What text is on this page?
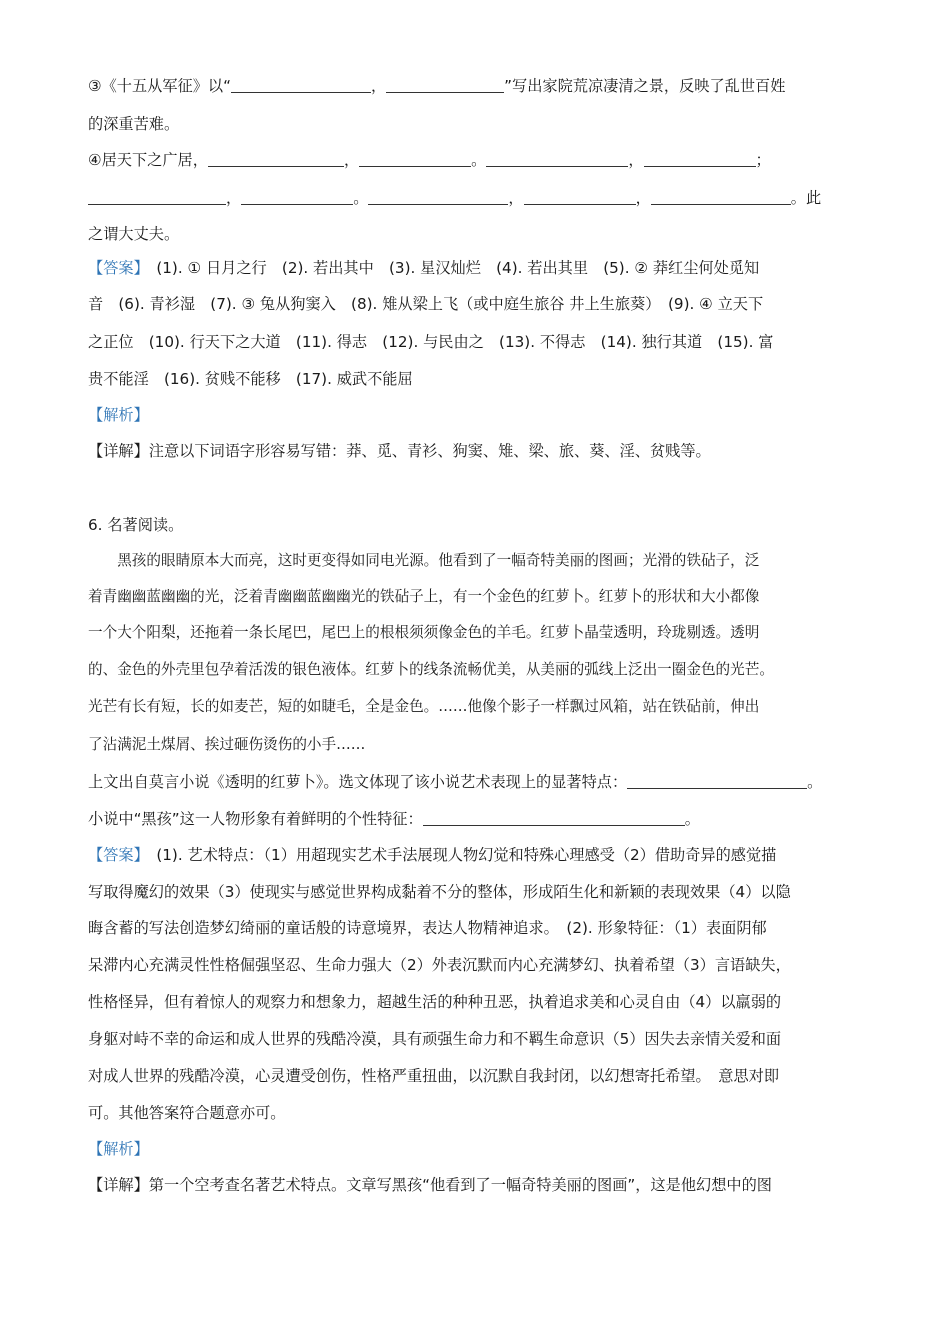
③《十五从军征》以“	，	”写出家院荒凉凄清之景，反映了乱世百姓
的深重苦难。
④居天下之广居，	，	。	，	；
，	。	，	，	。此
之谓大丈夫。
【答案】　(1). ① 日月之行　(2). 若出其中　(3). 星汉灿烂　(4). 若出其里　(5). ② 莽红尘何处觅知
音　(6). 青衫湿　(7). ③ 兔从狗窦入　(8). 雉从梁上飞（或中庭生旅谷 井上生旅葵）　(9). ④ 立天下
之正位　(10). 行天下之大道　(11). 得志　(12). 与民由之　(13). 不得志　(14). 独行其道　(15). 富
贵不能淫　(16). 贫贱不能移　(17). 威武不能屈
【解析】
【详解】注意以下词语字形容易写错：莽、觅、青衫、狗窦、雉、梁、旅、葵、淫、贫贱等。
6. 名著阅读。
　　黑孩的眼睛原本大而亮，这时更变得如同电光源。他看到了一幅奇特美丽的图画；光滑的铁砧子，泛
着青幽幽蓝幽幽的光，泛着青幽幽蓝幽幽光的铁砧子上，有一个金色的红萝卜。红萝卜的形状和大小都像
一个大个阳梨，还拖着一条长尾巴，尾巴上的根根须须像金色的羊毛。红萝卜晶莹透明，玲珑剔透。透明
的、金色的外壳里包孕着活泼的银色液体。红萝卜的线条流畅优美，从美丽的弧线上泛出一圈金色的光芒。
光芒有长有短，长的如麦芒，短的如睫毛，全是金色。……他像个影子一样飘过风箱，站在铁砧前，伸出
了沾满泥土煤屑、挨过砸伤烫伤的小手……
上文出自莫言小说《透明的红萝卜》。选文体现了该小说艺术表现上的显著特点：	。
小说中“黑孩”这一人物形象有着鲜明的个性特征：	。
【答案】　(1). 艺术特点：（1）用超现实艺术手法展现人物幻觉和特殊心理感受（2）借助奇异的感觉描
写取得魔幻的效果（3）使现实与感觉世界构成黏着不分的整体，形成陌生化和新颖的表现效果（4）以隐
晦含蓄的写法创造梦幻绮丽的童话般的诗意境界，表达人物精神追求。　(2). 形象特征：（1）表面阴郁
呆滞内心充满灵性性格倔强坚忍、生命力强大（2）外表沉默而内心充满梦幻、执着希望（3）言语缺失，
性格怪异，但有着惊人的观察力和想象力，超越生活的种种丑恶，执着追求美和心灵自由（4）以羸弱的
身躯对峙不幸的命运和成人世界的残酷冷漠，具有顽强生命力和不羁生命意识（5）因失去亲情关爱和面
对成人世界的残酷冷漠，心灵遭受创伤，性格严重扭曲，以沉默自我封闭，以幻想寄托希望。　意思对即
可。其他答案符合题意亦可。
【解析】
【详解】第一个空考查名著艺术特点。文章写黑孩“他看到了一幅奇特美丽的图画”，这是他幻想中的图
